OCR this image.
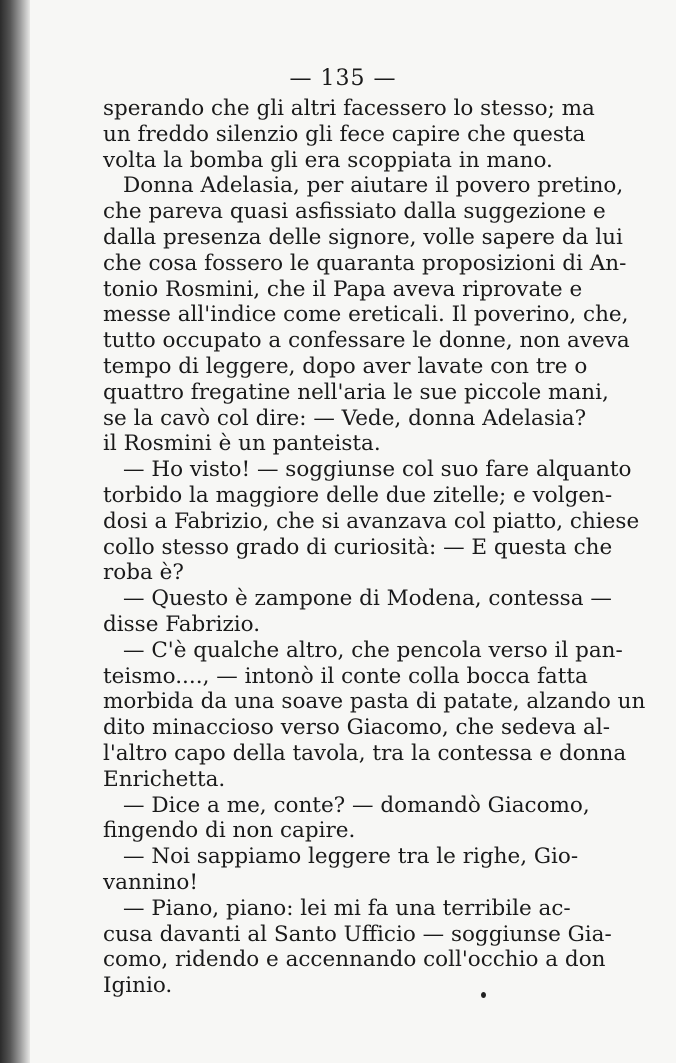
— 135 —
sperando che gli altri facessero lo stesso; ma
un freddo silenzio gli fece capire che questa
volta la bomba gli era scoppiata in mano.
Donna Adelasia, per aiutare il povero pretino,
che pareva quasi asfissiato dalla suggezione e
dalla presenza delle signore, volle sapere da lui
che cosa fossero le quaranta proposizioni di An-
tonio Rosmini, che il Papa aveva riprovate e
messe all'indice come ereticali. Il poverino, che,
tutto occupato a confessare le donne, non aveva
tempo di leggere, dopo aver lavate con tre o
quattro fregatine nell'aria le sue piccole mani,
se la cavò col dire: — Vede, donna Adelasia?
il Rosmini è un panteista.
— Ho visto! — soggiunse col suo fare alquanto
torbido la maggiore delle due zitelle; e volgen-
dosi a Fabrizio, che si avanzava col piatto, chiese
collo stesso grado di curiosità: — E questa che
roba è?
— Questo è zampone di Modena, contessa —
disse Fabrizio.
— C'è qualche altro, che pencola verso il pan-
teismo...., — intonò il conte colla bocca fatta
morbida da una soave pasta di patate, alzando un
dito minaccioso verso Giacomo, che sedeva al-
l'altro capo della tavola, tra la contessa e donna
Enrichetta.
— Dice a me, conte? — domandò Giacomo,
fingendo di non capire.
— Noi sappiamo leggere tra le righe, Gio-
vannino!
— Piano, piano: lei mi fa una terribile ac-
cusa davanti al Santo Ufficio — soggiunse Gia-
como, ridendo e accennando coll'occhio a don
Iginio.
